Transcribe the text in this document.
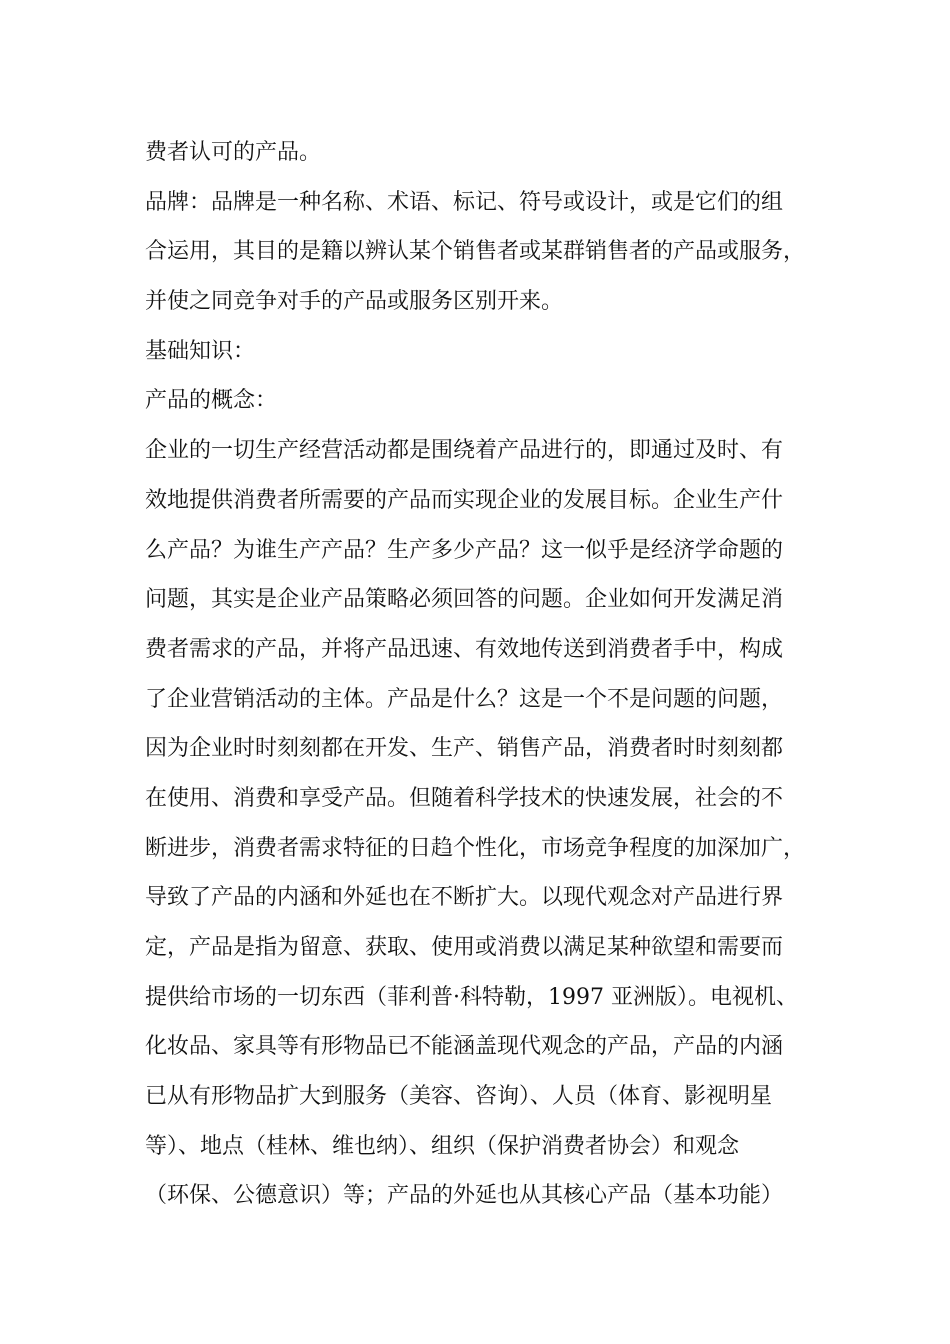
费者认可的产品。
品牌：品牌是一种名称、术语、标记、符号或设计，或是它们的组
合运用，其目的是籍以辨认某个销售者或某群销售者的产品或服务，
并使之同竞争对手的产品或服务区别开来。
基础知识：
产品的概念：
企业的一切生产经营活动都是围绕着产品进行的，即通过及时、有
效地提供消费者所需要的产品而实现企业的发展目标。企业生产什
么产品？为谁生产产品？生产多少产品？这一似乎是经济学命题的
问题，其实是企业产品策略必须回答的问题。企业如何开发满足消
费者需求的产品，并将产品迅速、有效地传送到消费者手中，构成
了企业营销活动的主体。产品是什么？这是一个不是问题的问题，
因为企业时时刻刻都在开发、生产、销售产品，消费者时时刻刻都
在使用、消费和享受产品。但随着科学技术的快速发展，社会的不
断进步，消费者需求特征的日趋个性化，市场竞争程度的加深加广，
导致了产品的内涵和外延也在不断扩大。以现代观念对产品进行界
定，产品是指为留意、获取、使用或消费以满足某种欲望和需要而
提供给市场的一切东西（菲利普·科特勒，1997 亚洲版）。电视机、
化妆品、家具等有形物品已不能涵盖现代观念的产品，产品的内涵
已从有形物品扩大到服务（美容、咨询）、人员（体育、影视明星
等）、地点（桂林、维也纳）、组织（保护消费者协会）和观念
（环保、公德意识）等；产品的外延也从其核心产品（基本功能）
